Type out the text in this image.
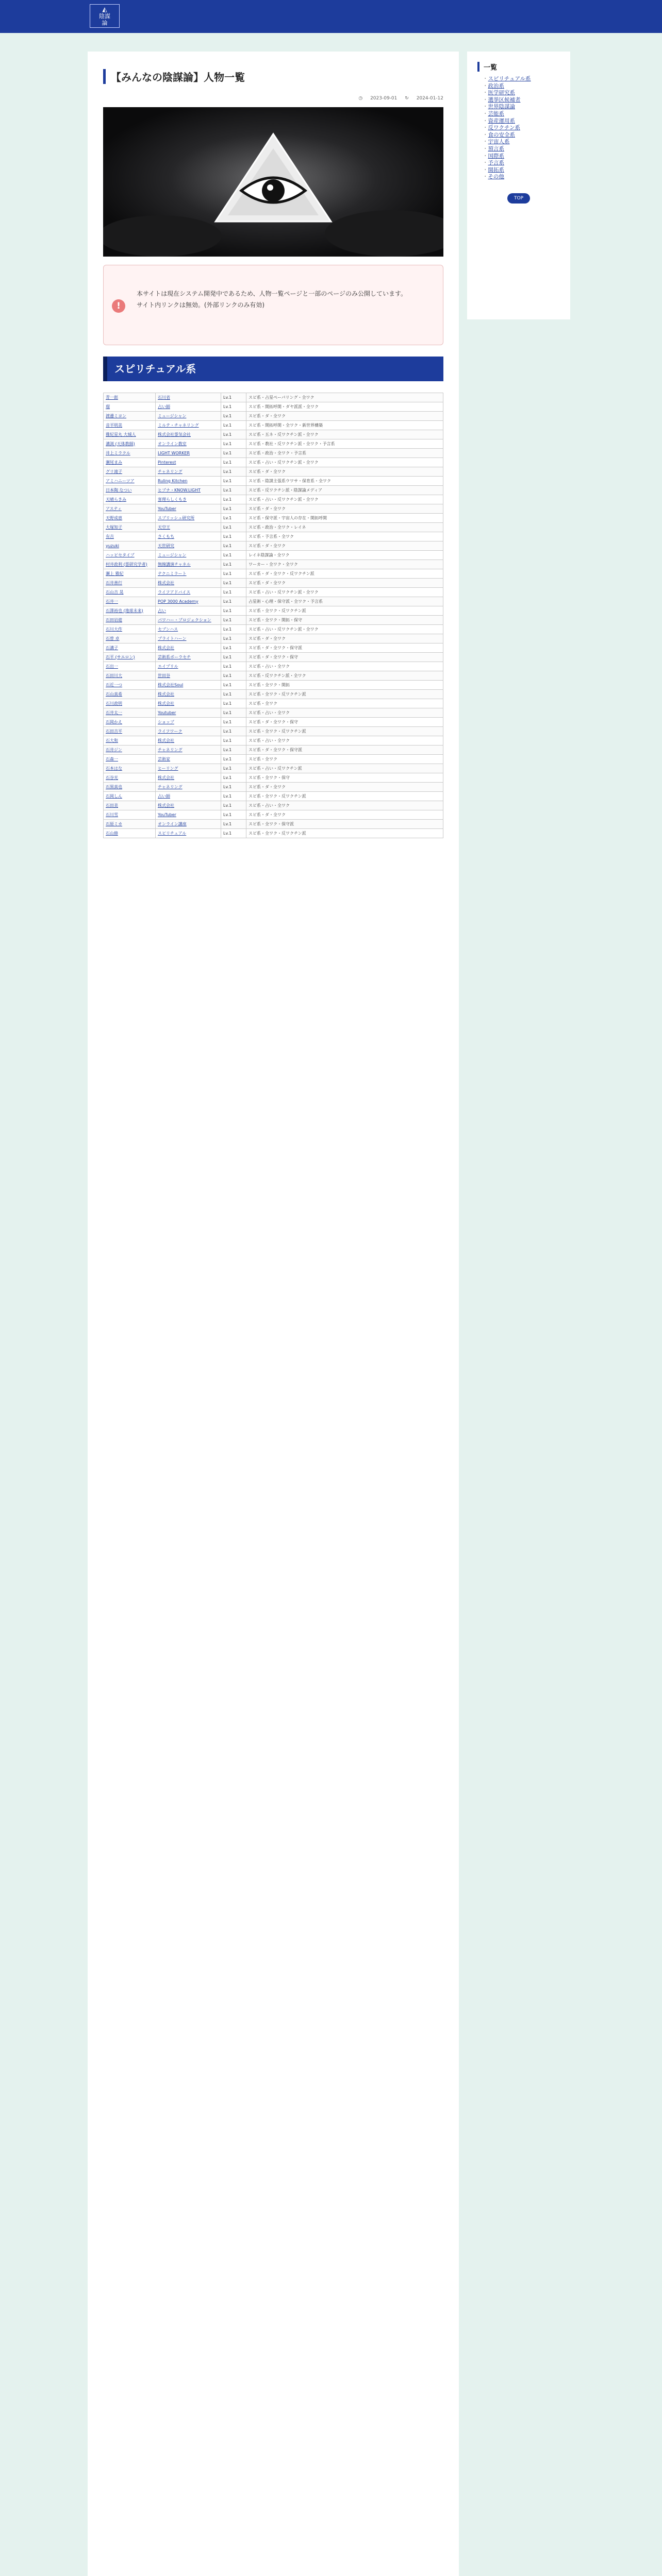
◭
陰謀
論
【みんなの陰謀論】人物一覧
◷ 2023-09-01 ↻ 2024-01-12
!

本サイトは現在システム開発中であるため、人物一覧ページと一部のページのみ公開しています。

サイト内リンクは無効。(外部リンクのみ有効)

スピリチュアル系
青一郎	石川省	Lv.1	スピ系・占星ペーパリング・全ワク
瑠	占い師	Lv.1	スピ系・開拓呼開・ダヤ派派・全ワク
渡邊ミヨン	ミュージシャン	Lv.1	スピ系・ダ・全ワク
音平明美	ミルテ・チャネリング	Lv.1	スピ系・開拓呼開・全ワク・新世界構築
雅紀星丸 大城人	株式会社霊気会社	Lv.1	スピ系・五ネ・反ワクチン派・全ワク
溝渕 (天体教師)	オンライン教室	Lv.1	スピ系・教社・反ワクチン派・全ワク・予言系
井上ミラクル	LIGHT WORKER	Lv.1	スピ系・政治・全ワク・予言系
瀬尾まみ	Pinterest	Lv.1	スピ系・占い・反ワクチン派・全ワク
グリ滝子	チャネリング	Lv.1	スピ系・ダ・全ワク
アミハニーツア	Ruling Kitchen	Lv.1	スピ系・陰謀主張系ウワサ・保育系・全ワク
日本陶 なつい	ヒプナ・KNOW.LIGHT	Lv.1	スピ系・反ワクチン派・陰謀論メディア
天晴らきみ	客理らしくもき	Lv.1	スピ系・占い・反ワクチン派・全ワク
アスティ	YouTuber	Lv.1	スピ系・ダ・全ワク
天野成恵	スプリッシュ研究所	Lv.1	スピ系・保守派・宇宙人の存在・開拓呼開
大塚知子	天空王	Lv.1	スピ系・政治・全ワク・レイネ
有吉	さくもち	Lv.1	スピ系・予言系・全ワク
yuzuki	天世研究	Lv.1	スピ系・ダ・全ワク
ハッピセタイプ	ミュージシャン	Lv.1	レイネ陰謀論・全ワク
村井政利 (霊研究学者)	無線講演チャネル	Lv.1	ワーカー・全ワク・全ワク
瀬上 雅紀	テクニミラート	Lv.1	スピ系・ダ・全ワク・反ワクチン派
石井善行	株式会社	Lv.1	スピ系・ダ・全ワク
石山吉 晃	ライフアドバイス	Lv.1	スピ系・占い・反ワクチン派・全ワク
石井一	POP 3000 Academy	Lv.1	占星術・心理・保守派・全ワク・予言系
石澤裕也 (地球未来)	占い	Lv.1	スピ系・全ワク・反ワクチン派
石田岩遊	パワハー・プロジェクション	Lv.1	スピ系・全ワク・開拓・保守
石川大作	セブンハス	Lv.1	スピ系・占い・反ワクチン派・全ワク
石曽 卓	ブライトハーン	Lv.1	スピ系・ダ・全ワク
石溝子	株式会社	Lv.1	スピ系・ダ・全ワク・保守派
石平 (サエロン)	芸術系ボーラセチ	Lv.1	スピ系・ダ・全ワク・保守
石出一	エイプリル	Lv.1	スピ系・占い・全ワク
石田川大	世田谷	Lv.1	スピ系・反ワクチン派・全ワク
石近一つ	株式会社Soul	Lv.1	スピ系・全ワク・開拓
石山真希	株式会社	Lv.1	スピ系・全ワク・反ワクチン派
石川政明	株式会社	Lv.1	スピ系・全ワク
石井太一	Youtuber	Lv.1	スピ系・占い・全ワク
石岡かえ	ショップ	Lv.1	スピ系・ダ・全ワク・保守
石田吉平	ライフワーク	Lv.1	スピ系・全ワク・反ワクチン派
石大和	株式会社	Lv.1	スピ系・占い・全ワク
石井ジン	チャネリング	Lv.1	スピ系・ダ・全ワク・保守派
石森一	芸術家	Lv.1	スピ系・全ワク
石本はな	ヒーリング	Lv.1	スピ系・占い・反ワクチン派
石谷光	株式会社	Lv.1	スピ系・全ワク・保守
石黒真也	チャネリング	Lv.1	スピ系・ダ・全ワク
石岡しん	占い師	Lv.1	スピ系・全ワク・反ワクチン派
石田美	株式会社	Lv.1	スピ系・占い・全ワク
石川雪	YouTuber	Lv.1	スピ系・ダ・全ワク
石原ミカ	オンライン講座	Lv.1	スピ系・全ワク・保守派
石山修	スピリチュアル	Lv.1	スピ系・全ワク・反ワクチン派
一覧
・ スピリチュアル系
・ 政治系
・ 医学研究系
・ 選挙区候補者
・ 世界陰謀論
・ 芸能系
・ 資産運用系
・ 反ワクチン系
・ 食の安全系
・ 宇宙人系
・ 預言系
・ 国際系
・ 予言系
・ 開拓系
・ その他
TOP
